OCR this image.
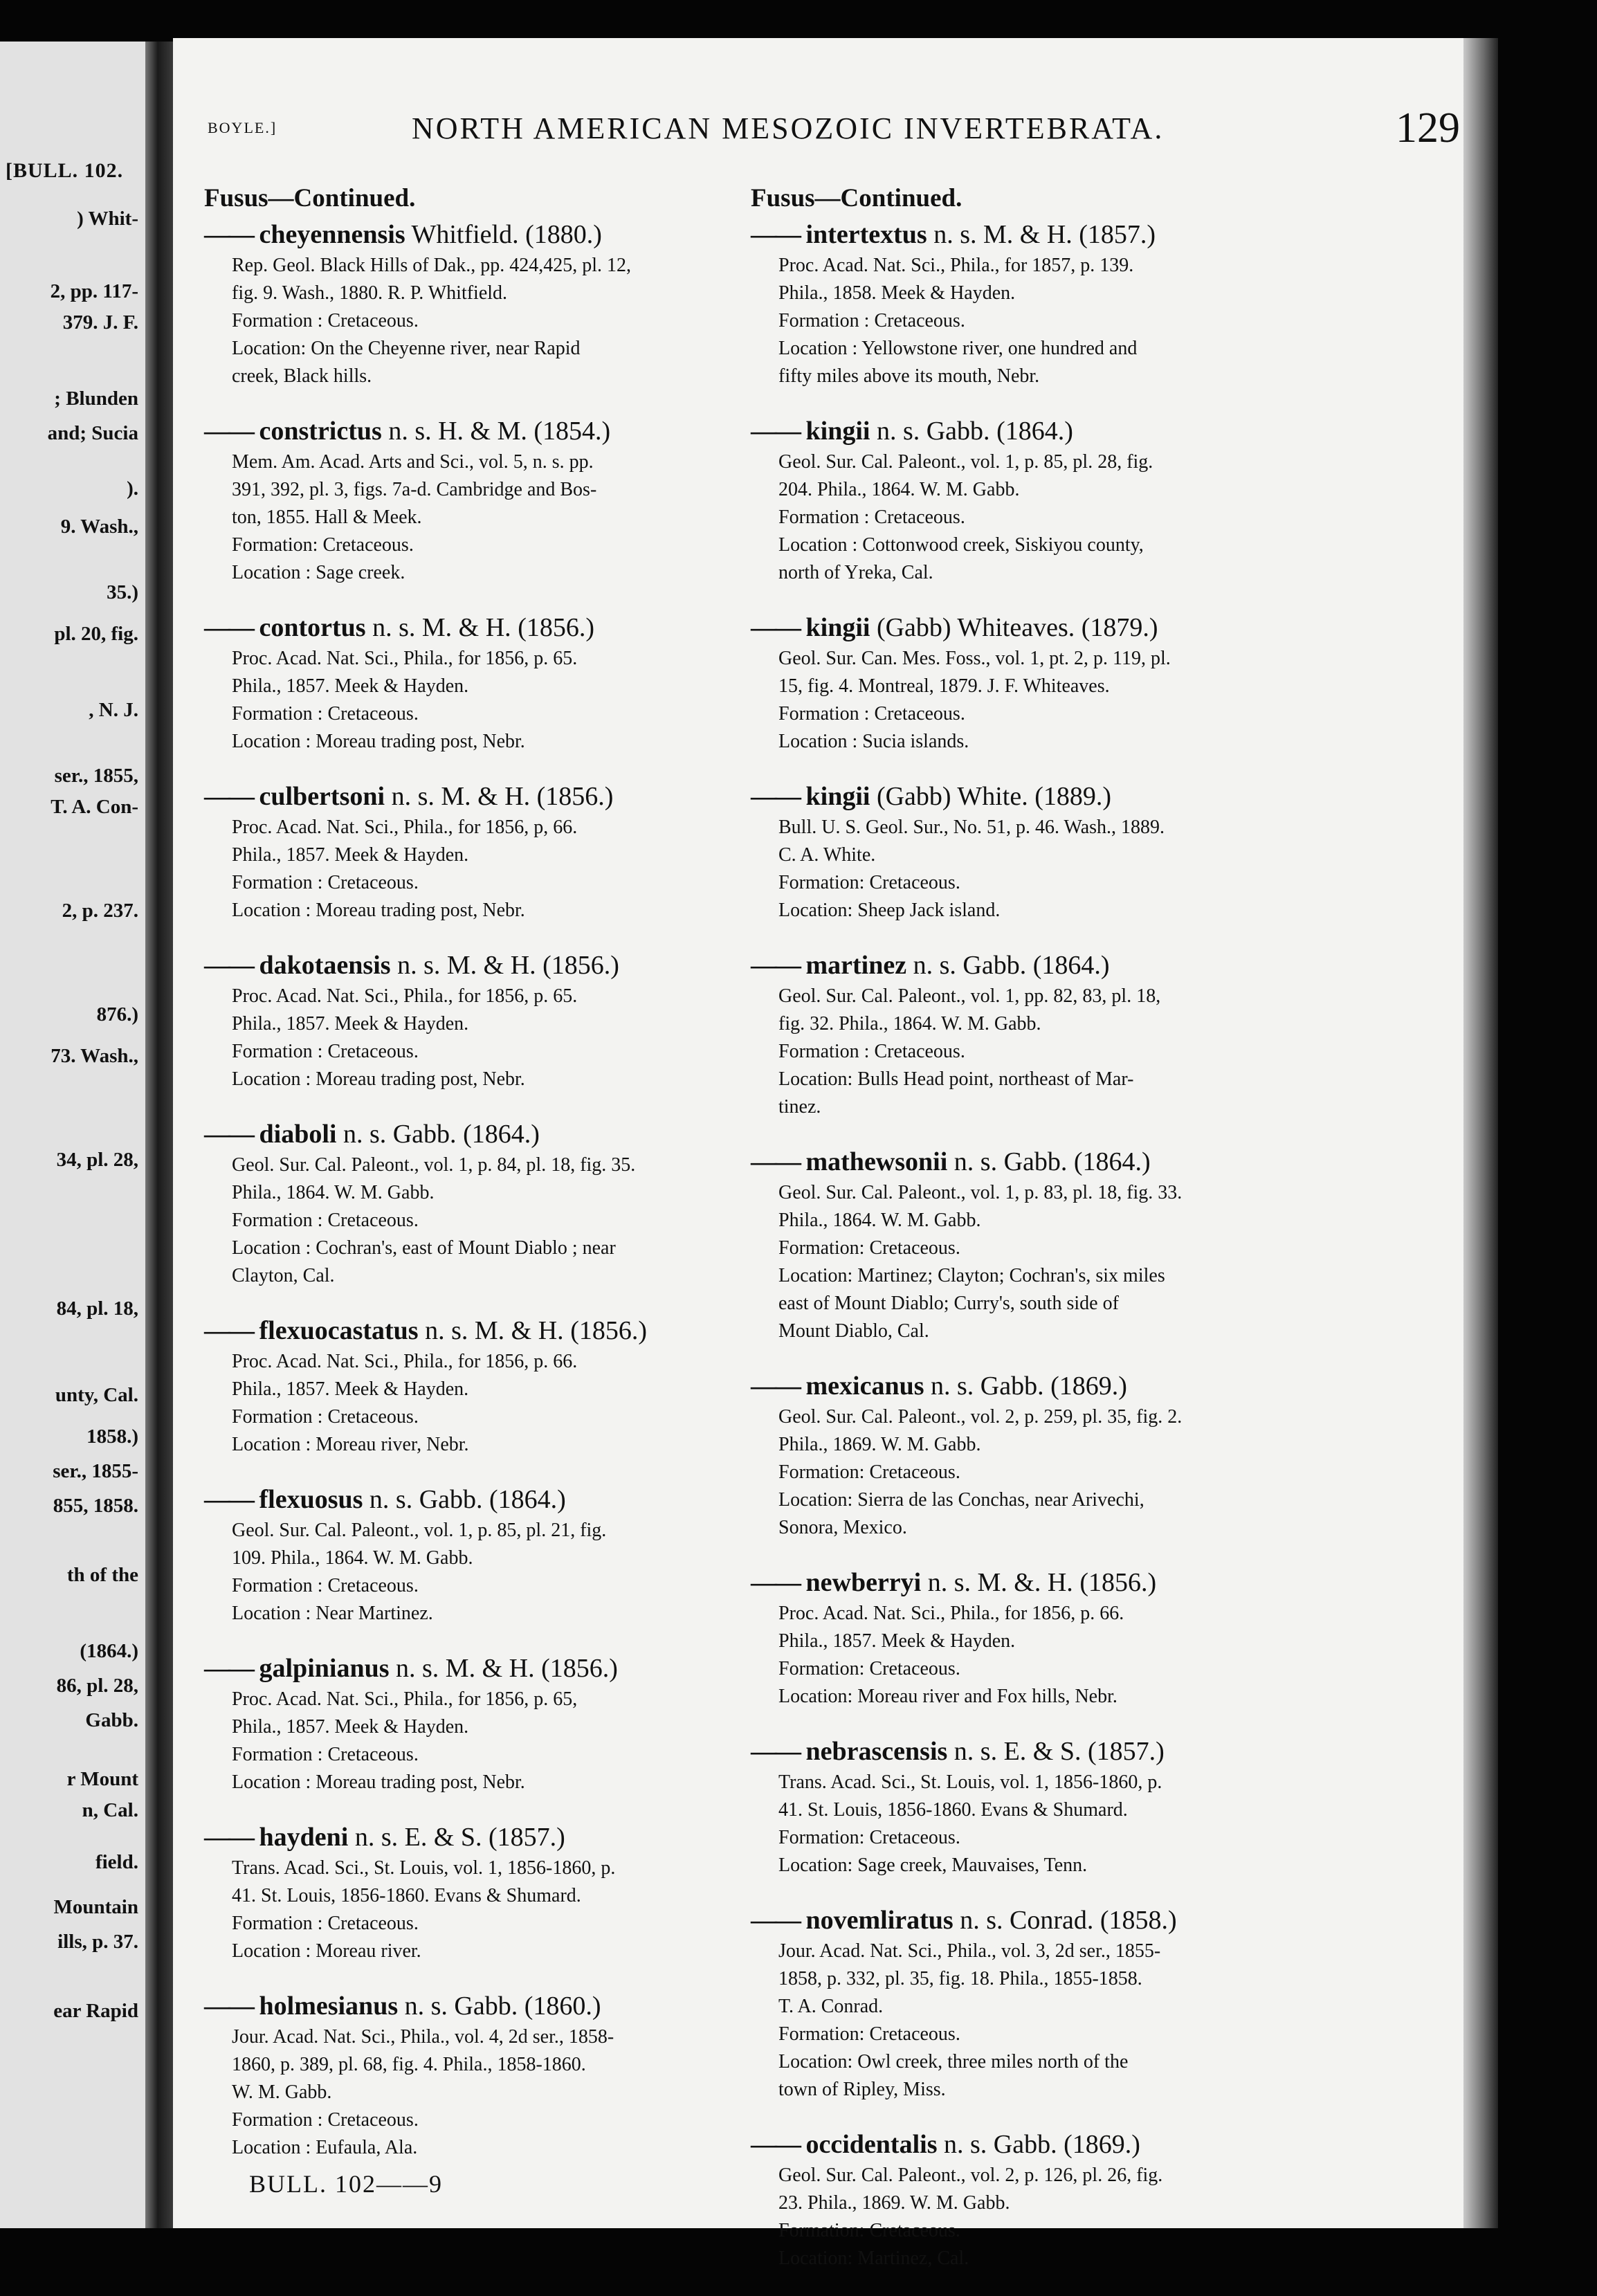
[BULL. 102.
) Whit-
2, pp. 117-
379. J. F.
; Blunden
and; Sucia
).
9. Wash.,
35.)
pl. 20, fig.
, N. J.
ser., 1855,
T. A. Con-
2, p. 237.
876.)
73. Wash.,
34, pl. 28,
84, pl. 18,
unty, Cal.
1858.)
ser., 1855-
855, 1858.
th of the
(1864.)
86, pl. 28,
Gabb.
r Mount
n, Cal.
field.
Mountain
ills, p. 37.
ear Rapid
BOYLE.]	NORTH AMERICAN MESOZOIC INVERTEBRATA.	129
Fusus—Continued.
—— cheyennensis Whitfield. (1880.)
Rep. Geol. Black Hills of Dak., pp. 424,425, pl. 12,
fig. 9. Wash., 1880. R. P. Whitfield.
Formation : Cretaceous.
Location: On the Cheyenne river, near Rapid
creek, Black hills.
—— constrictus n. s. H. & M. (1854.)
Mem. Am. Acad. Arts and Sci., vol. 5, n. s. pp.
391, 392, pl. 3, figs. 7a-d. Cambridge and Bos-
ton, 1855. Hall & Meek.
Formation: Cretaceous.
Location : Sage creek.
—— contortus n. s. M. & H. (1856.)
Proc. Acad. Nat. Sci., Phila., for 1856, p. 65.
Phila., 1857. Meek & Hayden.
Formation : Cretaceous.
Location : Moreau trading post, Nebr.
—— culbertsoni n. s. M. & H. (1856.)
Proc. Acad. Nat. Sci., Phila., for 1856, p, 66.
Phila., 1857. Meek & Hayden.
Formation : Cretaceous.
Location : Moreau trading post, Nebr.
—— dakotaensis n. s. M. & H. (1856.)
Proc. Acad. Nat. Sci., Phila., for 1856, p. 65.
Phila., 1857. Meek & Hayden.
Formation : Cretaceous.
Location : Moreau trading post, Nebr.
—— diaboli n. s. Gabb. (1864.)
Geol. Sur. Cal. Paleont., vol. 1, p. 84, pl. 18, fig. 35.
Phila., 1864. W. M. Gabb.
Formation : Cretaceous.
Location : Cochran's, east of Mount Diablo ; near
Clayton, Cal.
—— flexuocastatus n. s. M. & H. (1856.)
Proc. Acad. Nat. Sci., Phila., for 1856, p. 66.
Phila., 1857. Meek & Hayden.
Formation : Cretaceous.
Location : Moreau river, Nebr.
—— flexuosus n. s. Gabb. (1864.)
Geol. Sur. Cal. Paleont., vol. 1, p. 85, pl. 21, fig.
109. Phila., 1864. W. M. Gabb.
Formation : Cretaceous.
Location : Near Martinez.
—— galpinianus n. s. M. & H. (1856.)
Proc. Acad. Nat. Sci., Phila., for 1856, p. 65,
Phila., 1857. Meek & Hayden.
Formation : Cretaceous.
Location : Moreau trading post, Nebr.
—— haydeni n. s. E. & S. (1857.)
Trans. Acad. Sci., St. Louis, vol. 1, 1856-1860, p.
41. St. Louis, 1856-1860. Evans & Shumard.
Formation : Cretaceous.
Location : Moreau river.
—— holmesianus n. s. Gabb. (1860.)
Jour. Acad. Nat. Sci., Phila., vol. 4, 2d ser., 1858-
1860, p. 389, pl. 68, fig. 4. Phila., 1858-1860.
W. M. Gabb.
Formation : Cretaceous.
Location : Eufaula, Ala.
Fusus—Continued.
—— intertextus n. s. M. & H. (1857.)
Proc. Acad. Nat. Sci., Phila., for 1857, p. 139.
Phila., 1858. Meek & Hayden.
Formation : Cretaceous.
Location : Yellowstone river, one hundred and
fifty miles above its mouth, Nebr.
—— kingii n. s. Gabb. (1864.)
Geol. Sur. Cal. Paleont., vol. 1, p. 85, pl. 28, fig.
204. Phila., 1864. W. M. Gabb.
Formation : Cretaceous.
Location : Cottonwood creek, Siskiyou county,
north of Yreka, Cal.
—— kingii (Gabb) Whiteaves. (1879.)
Geol. Sur. Can. Mes. Foss., vol. 1, pt. 2, p. 119, pl.
15, fig. 4. Montreal, 1879. J. F. Whiteaves.
Formation : Cretaceous.
Location : Sucia islands.
—— kingii (Gabb) White. (1889.)
Bull. U. S. Geol. Sur., No. 51, p. 46. Wash., 1889.
C. A. White.
Formation: Cretaceous.
Location: Sheep Jack island.
—— martinez n. s. Gabb. (1864.)
Geol. Sur. Cal. Paleont., vol. 1, pp. 82, 83, pl. 18,
fig. 32. Phila., 1864. W. M. Gabb.
Formation : Cretaceous.
Location: Bulls Head point, northeast of Mar-
tinez.
—— mathewsonii n. s. Gabb. (1864.)
Geol. Sur. Cal. Paleont., vol. 1, p. 83, pl. 18, fig. 33.
Phila., 1864. W. M. Gabb.
Formation: Cretaceous.
Location: Martinez; Clayton; Cochran's, six miles
east of Mount Diablo; Curry's, south side of
Mount Diablo, Cal.
—— mexicanus n. s. Gabb. (1869.)
Geol. Sur. Cal. Paleont., vol. 2, p. 259, pl. 35, fig. 2.
Phila., 1869. W. M. Gabb.
Formation: Cretaceous.
Location: Sierra de las Conchas, near Arivechi,
Sonora, Mexico.
—— newberryi n. s. M. &. H. (1856.)
Proc. Acad. Nat. Sci., Phila., for 1856, p. 66.
Phila., 1857. Meek & Hayden.
Formation: Cretaceous.
Location: Moreau river and Fox hills, Nebr.
—— nebrascensis n. s. E. & S. (1857.)
Trans. Acad. Sci., St. Louis, vol. 1, 1856-1860, p.
41. St. Louis, 1856-1860. Evans & Shumard.
Formation: Cretaceous.
Location: Sage creek, Mauvaises, Tenn.
—— novemliratus n. s. Conrad. (1858.)
Jour. Acad. Nat. Sci., Phila., vol. 3, 2d ser., 1855-
1858, p. 332, pl. 35, fig. 18. Phila., 1855-1858.
T. A. Conrad.
Formation: Cretaceous.
Location: Owl creek, three miles north of the
town of Ripley, Miss.
—— occidentalis n. s. Gabb. (1869.)
Geol. Sur. Cal. Paleont., vol. 2, p. 126, pl. 26, fig.
23. Phila., 1869. W. M. Gabb.
Formation: Cretaceous.
Location: Martinez, Cal.
BULL. 102——9
